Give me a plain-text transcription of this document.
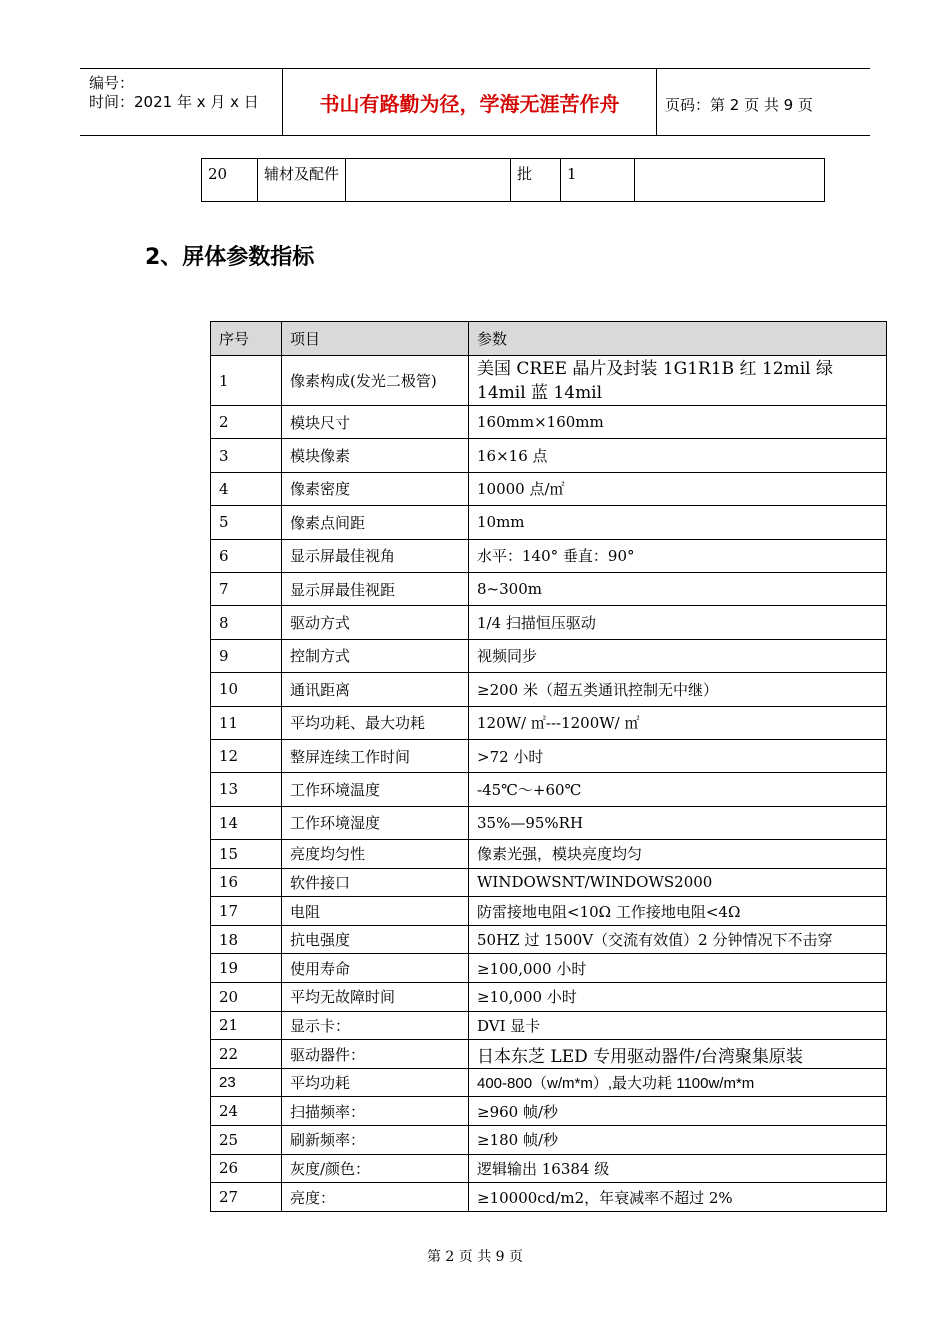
编号：
时间：2021 年 x 月 x 日	书山有路勤为径，学海无涯苦作舟	页码：第 2 页 共 9 页
20	辅材及配件		批	1	
2、屏体参数指标
序号	项目	参数
1	像素构成(发光二极管)	美国 CREE 晶片及封装 1G1R1B 红 12mil 绿 14mil 蓝 14mil
2	模块尺寸	160mm×160mm
3	模块像素	16×16 点
4	像素密度	10000 点/㎡
5	像素点间距	10mm
6	显示屏最佳视角	水平：140° 垂直：90°
7	显示屏最佳视距	8~300m
8	驱动方式	1/4 扫描恒压驱动
9	控制方式	视频同步
10	通讯距离	≥200 米（超五类通讯控制无中继）
11	平均功耗、最大功耗	120W/ ㎡---1200W/ ㎡
12	整屏连续工作时间	>72 小时
13	工作环境温度	-45℃～+60℃
14	工作环境湿度	35%—95%RH
15	亮度均匀性	像素光强，模块亮度均匀
16	软件接口	WINDOWSNT/WINDOWS2000
17	电阻	防雷接地电阻<10Ω 工作接地电阻<4Ω
18	抗电强度	50HZ 过 1500V（交流有效值）2 分钟情况下不击穿
19	使用寿命	≥100,000 小时
20	平均无故障时间	≥10,000 小时
21	显示卡：	DVI 显卡
22	驱动器件：	日本东芝 LED 专用驱动器件/台湾聚集原装
23	平均功耗	400-800（w/m*m）,最大功耗 1100w/m*m
24	扫描频率：	≥960 帧/秒
25	刷新频率：	≥180 帧/秒
26	灰度/颜色：	逻辑输出 16384 级
27	亮度：	≥10000cd/m2，年衰减率不超过 2%
第 2 页 共 9 页
